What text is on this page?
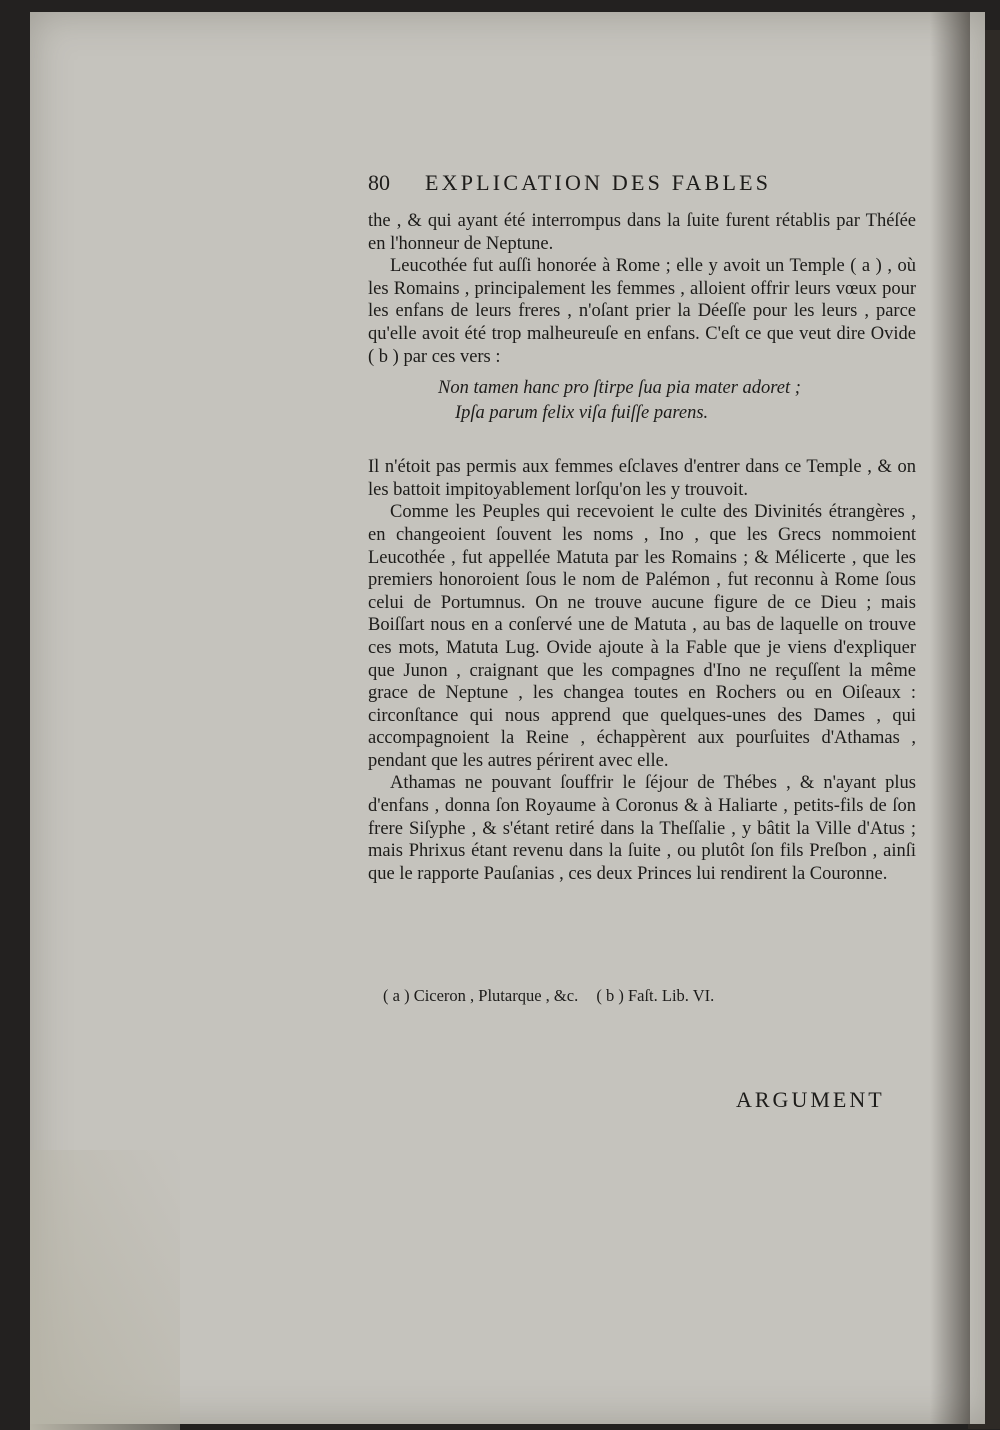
80 EXPLICATION DES FABLES

the , & qui ayant été interrompus dans la ſuite furent rétablis par Théſée en l'honneur de Neptune.

Leucothée fut auſſi honorée à Rome ; elle y avoit un Temple ( a ) , où les Romains , principalement les femmes , alloient offrir leurs vœux pour les enfans de leurs freres , n'oſant prier la Déeſſe pour les leurs , parce qu'elle avoit été trop malheureuſe en enfans. C'eſt ce que veut dire Ovide ( b ) par ces vers :

Non tamen hanc pro ſtirpe ſua pia mater adoret ;
Ipſa parum felix viſa fuiſſe parens.

Il n'étoit pas permis aux femmes eſclaves d'entrer dans ce Temple , & on les battoit impitoyablement lorſqu'on les y trouvoit.

Comme les Peuples qui recevoient le culte des Divinités étrangères , en changeoient ſouvent les noms , Ino , que les Grecs nommoient Leucothée , fut appellée Matuta par les Romains ; & Mélicerte , que les premiers honoroient ſous le nom de Palémon , fut reconnu à Rome ſous celui de Portumnus. On ne trouve aucune figure de ce Dieu ; mais Boiſſart nous en a conſervé une de Matuta , au bas de laquelle on trouve ces mots, Matuta Lug. Ovide ajoute à la Fable que je viens d'expliquer que Junon , craignant que les compagnes d'Ino ne reçuſſent la même grace de Neptune , les changea toutes en Rochers ou en Oiſeaux : circonſtance qui nous apprend que quelques-unes des Dames , qui accompagnoient la Reine , échappèrent aux pourſuites d'Athamas , pendant que les autres périrent avec elle.

Athamas ne pouvant ſouffrir le ſéjour de Thébes , & n'ayant plus d'enfans , donna ſon Royaume à Coronus & à Haliarte , petits-fils de ſon frere Siſyphe , & s'étant retiré dans la Theſſalie , y bâtit la Ville d'Atus ; mais Phrixus étant revenu dans la ſuite , ou plutôt ſon fils Preſbon , ainſi que le rapporte Pauſanias , ces deux Princes lui rendirent la Couronne.

( a ) Ciceron , Plutarque , &c. ( b ) Faſt. Lib. VI.
ARGUMENT
